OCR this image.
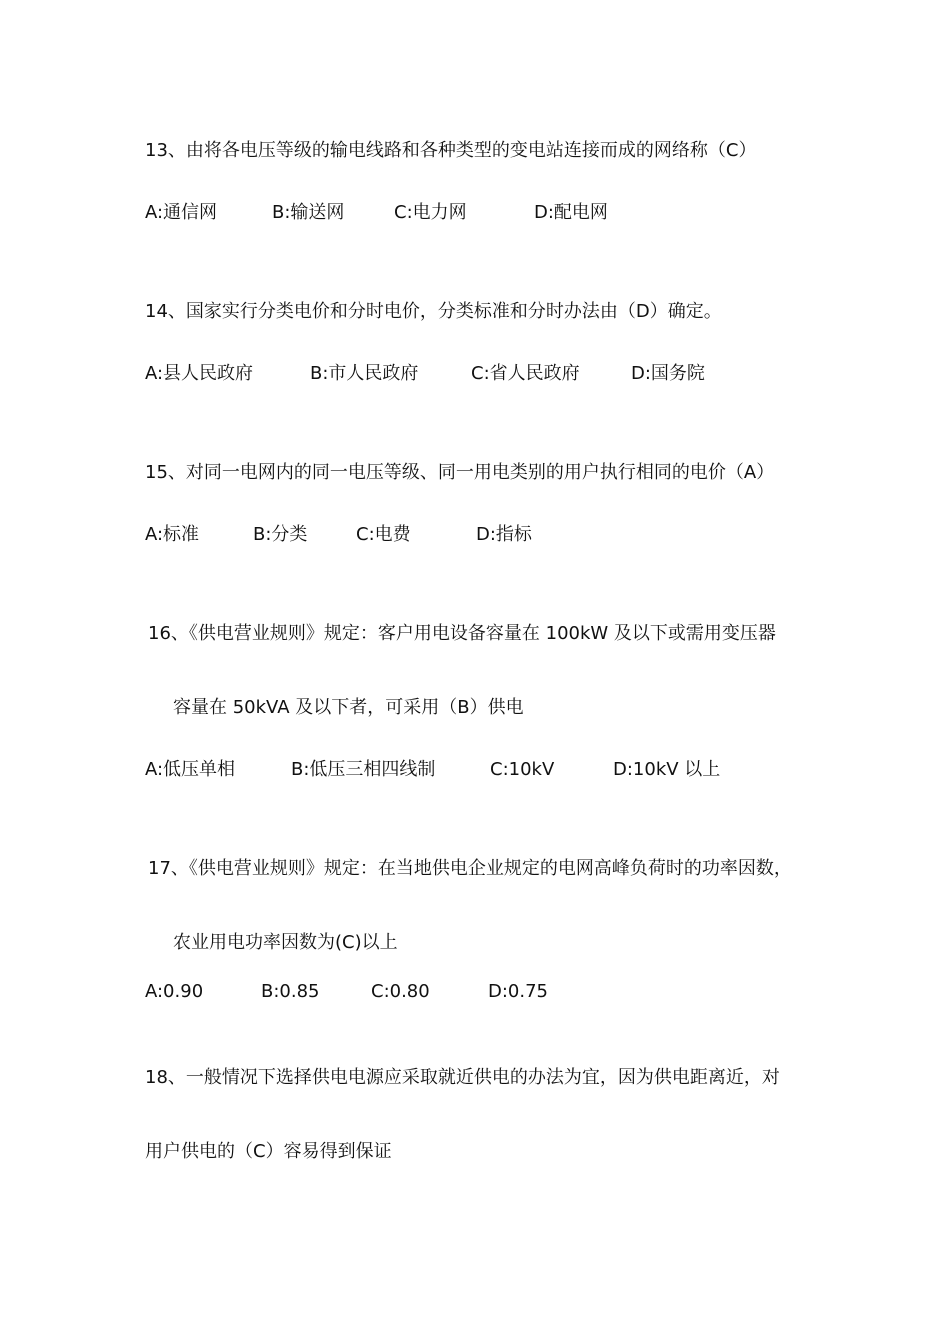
13、由将各电压等级的输电线路和各种类型的变电站连接而成的网络称（C）
A:通信网	B:输送网	C:电力网	D:配电网
14、国家实行分类电价和分时电价，分类标准和分时办法由（D）确定。
A:县人民政府	B:市人民政府	C:省人民政府	D:国务院
15、对同一电网内的同一电压等级、同一用电类别的用户执行相同的电价（A）
A:标准	B:分类	C:电费	D:指标
16、《供电营业规则》规定：客户用电设备容量在 100kW 及以下或需用变压器
容量在 50kVA 及以下者，可采用（B）供电
A:低压单相	B:低压三相四线制	C:10kV	D:10kV 以上
17、《供电营业规则》规定：在当地供电企业规定的电网高峰负荷时的功率因数，
农业用电功率因数为(C)以上
A:0.90	B:0.85	C:0.80	D:0.75
18、一般情况下选择供电电源应采取就近供电的办法为宜，因为供电距离近，对
用户供电的（C）容易得到保证
